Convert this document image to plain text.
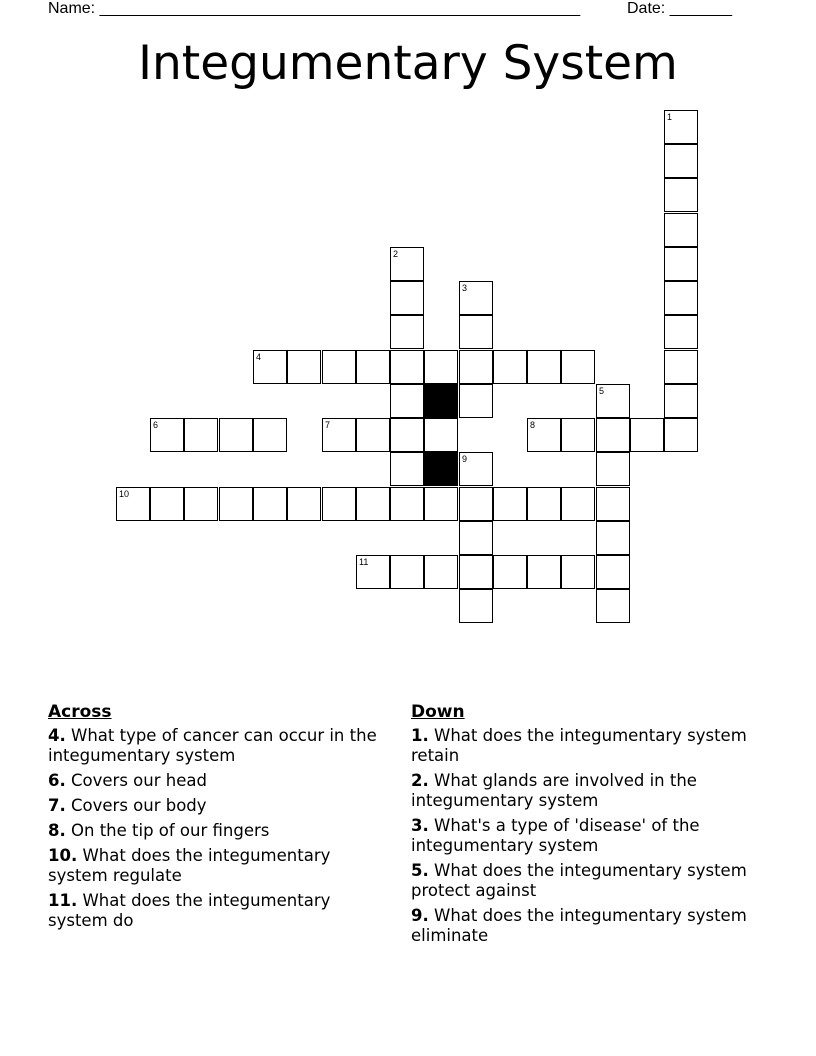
Name: ______________________________________________________	Date: _______
Integumentary System
1
2
3
4
5
6	7	8
9
10
11
Across
4. What type of cancer can occur in the integumentary system
6. Covers our head
7. Covers our body
8. On the tip of our fingers
10. What does the integumentary system regulate
11. What does the integumentary system do
Down
1. What does the integumentary system retain
2. What glands are involved in the integumentary system
3. What's a type of 'disease' of the integumentary system
5. What does the integumentary system protect against
9. What does the integumentary system eliminate
